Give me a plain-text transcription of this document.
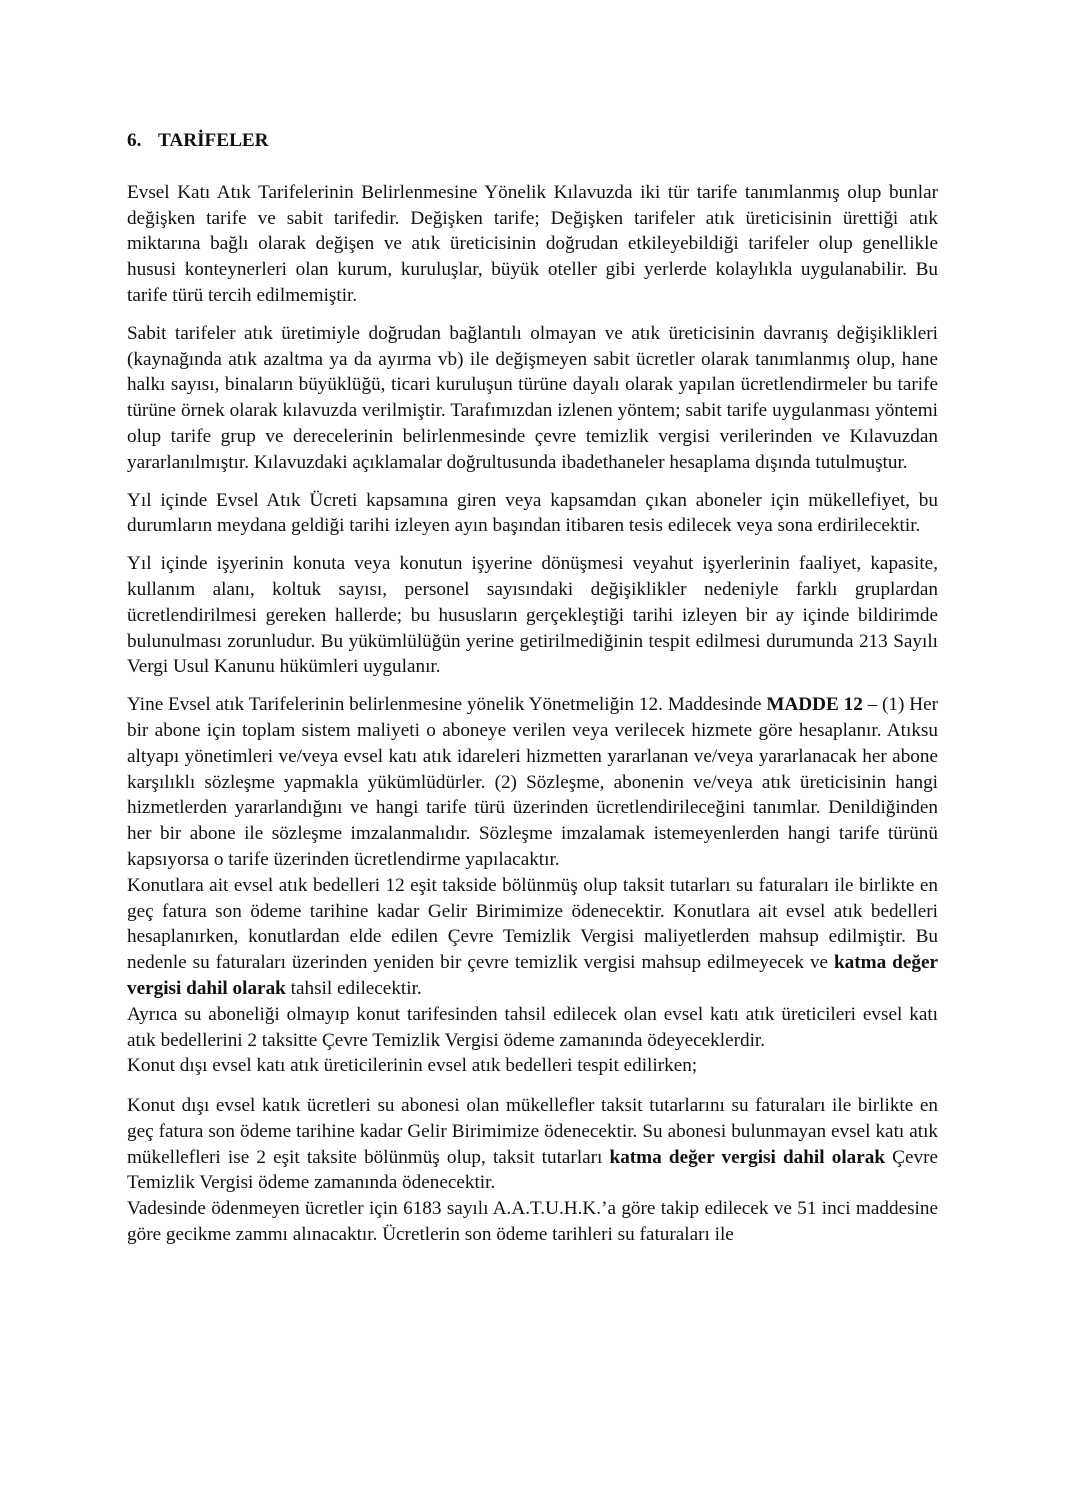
6. TARİFELER

Evsel Katı Atık Tarifelerinin Belirlenmesine Yönelik Kılavuzda iki tür tarife tanımlanmış olup bunlar değişken tarife ve sabit tarifedir. Değişken tarife; Değişken tarifeler atık üreticisinin ürettiği atık miktarına bağlı olarak değişen ve atık üreticisinin doğrudan etkileyebildiği tarifeler olup genellikle hususi konteynerleri olan kurum, kuruluşlar, büyük oteller gibi yerlerde kolaylıkla uygulanabilir. Bu tarife türü tercih edilmemiştir.

Sabit tarifeler atık üretimiyle doğrudan bağlantılı olmayan ve atık üreticisinin davranış değişiklikleri (kaynağında atık azaltma ya da ayırma vb) ile değişmeyen sabit ücretler olarak tanımlanmış olup, hane halkı sayısı, binaların büyüklüğü, ticari kuruluşun türüne dayalı olarak yapılan ücretlendirmeler bu tarife türüne örnek olarak kılavuzda verilmiştir. Tarafımızdan izlenen yöntem; sabit tarife uygulanması yöntemi olup tarife grup ve derecelerinin belirlenmesinde çevre temizlik vergisi verilerinden ve Kılavuzdan yararlanılmıştır. Kılavuzdaki açıklamalar doğrultusunda ibadethaneler hesaplama dışında tutulmuştur.

Yıl içinde Evsel Atık Ücreti kapsamına giren veya kapsamdan çıkan aboneler için mükellefiyet, bu durumların meydana geldiği tarihi izleyen ayın başından itibaren tesis edilecek veya sona erdirilecektir.

Yıl içinde işyerinin konuta veya konutun işyerine dönüşmesi veyahut işyerlerinin faaliyet, kapasite, kullanım alanı, koltuk sayısı, personel sayısındaki değişiklikler nedeniyle farklı gruplardan ücretlendirilmesi gereken hallerde; bu hususların gerçekleştiği tarihi izleyen bir ay içinde bildirimde bulunulması zorunludur. Bu yükümlülüğün yerine getirilmediğinin tespit edilmesi durumunda 213 Sayılı Vergi Usul Kanunu hükümleri uygulanır.

Yine Evsel atık Tarifelerinin belirlenmesine yönelik Yönetmeliğin 12. Maddesinde MADDE 12 – (1) Her bir abone için toplam sistem maliyeti o aboneye verilen veya verilecek hizmete göre hesaplanır. Atıksu altyapı yönetimleri ve/veya evsel katı atık idareleri hizmetten yararlanan ve/veya yararlanacak her abone karşılıklı sözleşme yapmakla yükümlüdürler. (2) Sözleşme, abonenin ve/veya atık üreticisinin hangi hizmetlerden yararlandığını ve hangi tarife türü üzerinden ücretlendirileceğini tanımlar. Denildiğinden her bir abone ile sözleşme imzalanmalıdır. Sözleşme imzalamak istemeyenlerden hangi tarife türünü kapsıyorsa o tarife üzerinden ücretlendirme yapılacaktır.

Konutlara ait evsel atık bedelleri 12 eşit takside bölünmüş olup taksit tutarları su faturaları ile birlikte en geç fatura son ödeme tarihine kadar Gelir Birimimize ödenecektir. Konutlara ait evsel atık bedelleri hesaplanırken, konutlardan elde edilen Çevre Temizlik Vergisi maliyetlerden mahsup edilmiştir. Bu nedenle su faturaları üzerinden yeniden bir çevre temizlik vergisi mahsup edilmeyecek ve katma değer vergisi dahil olarak tahsil edilecektir.

Ayrıca su aboneliği olmayıp konut tarifesinden tahsil edilecek olan evsel katı atık üreticileri evsel katı atık bedellerini 2 taksitte Çevre Temizlik Vergisi ödeme zamanında ödeyeceklerdir.

Konut dışı evsel katı atık üreticilerinin evsel atık bedelleri tespit edilirken;

Konut dışı evsel katık ücretleri su abonesi olan mükellefler taksit tutarlarını su faturaları ile birlikte en geç fatura son ödeme tarihine kadar Gelir Birimimize ödenecektir. Su abonesi bulunmayan evsel katı atık mükellefleri ise 2 eşit taksite bölünmüş olup, taksit tutarları katma değer vergisi dahil olarak Çevre Temizlik Vergisi ödeme zamanında ödenecektir.

Vadesinde ödenmeyen ücretler için 6183 sayılı A.A.T.U.H.K.’a göre takip edilecek ve 51 inci maddesine göre gecikme zammı alınacaktır. Ücretlerin son ödeme tarihleri su faturaları ile
